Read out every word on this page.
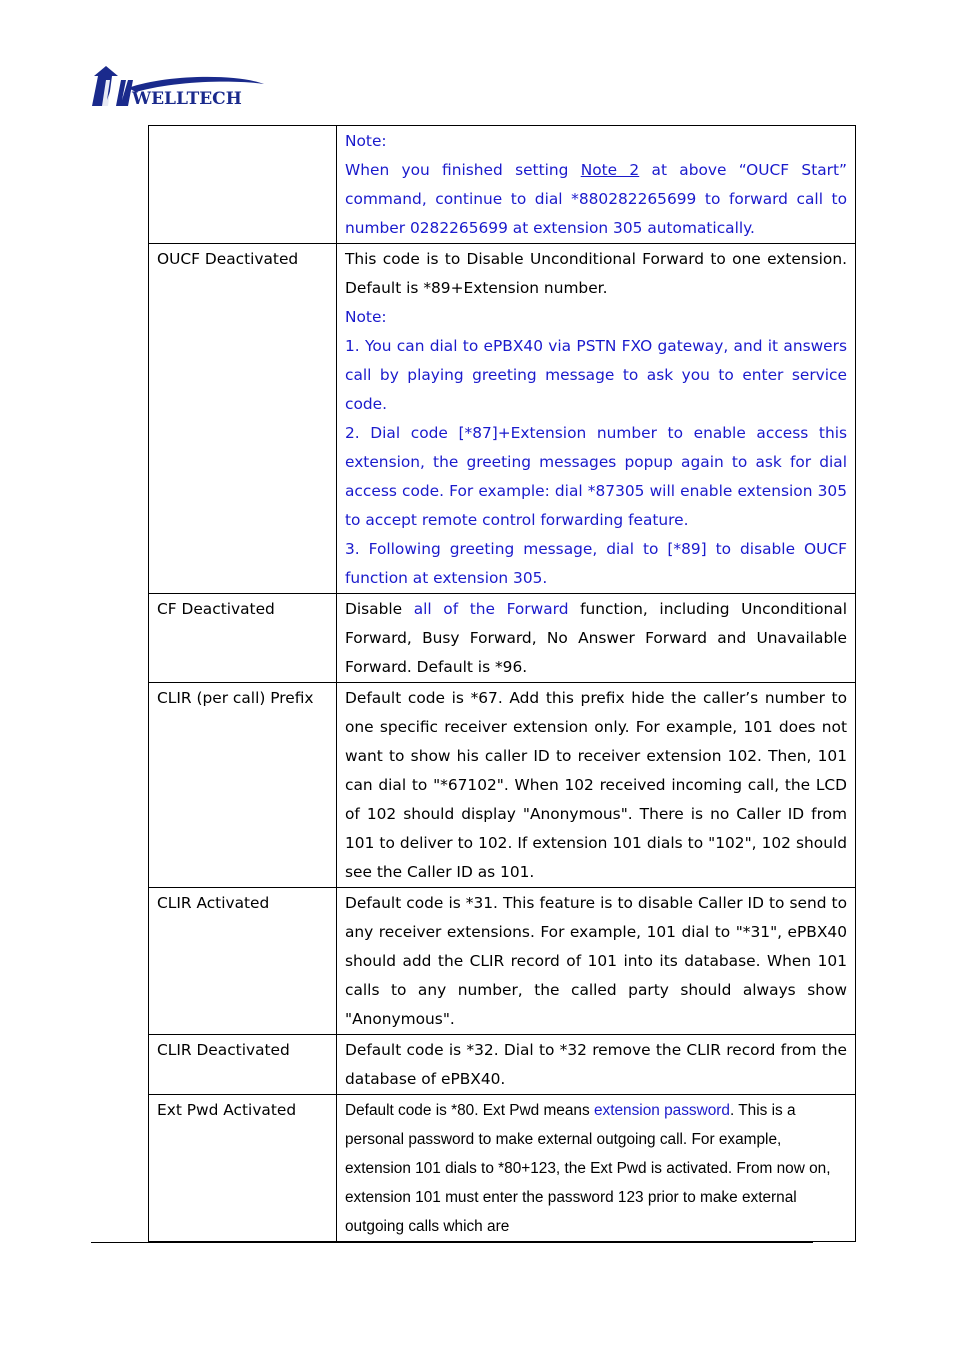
WELLTECH

	Note:
When you finished setting Note 2 at above “OUCF Start” command, continue to dial *880282265699 to forward call to number 0282265699 at extension 305 automatically.

OUCF Deactivated	This code is to Disable Unconditional Forward to one extension. Default is *89+Extension number.
Note:
1. You can dial to ePBX40 via PSTN FXO gateway, and it answers call by playing greeting message to ask you to enter service code.
2. Dial code [*87]+Extension number to enable access this extension, the greeting messages popup again to ask for dial access code. For example: dial *87305 will enable extension 305 to accept remote control forwarding feature.
3. Following greeting message, dial to [*89] to disable OUCF function at extension 305.

CF Deactivated	Disable all of the Forward function, including Unconditional Forward, Busy Forward, No Answer Forward and Unavailable Forward. Default is *96.

CLIR (per call) Prefix	Default code is *67. Add this prefix hide the caller’s number to one specific receiver extension only. For example, 101 does not want to show his caller ID to receiver extension 102. Then, 101 can dial to "*67102". When 102 received incoming call, the LCD of 102 should display "Anonymous". There is no Caller ID from 101 to deliver to 102. If extension 101 dials to "102", 102 should see the Caller ID as 101.

CLIR Activated	Default code is *31. This feature is to disable Caller ID to send to any receiver extensions. For example, 101 dial to "*31", ePBX40 should add the CLIR record of 101 into its database. When 101 calls to any number, the called party should always show "Anonymous".

CLIR Deactivated	Default code is *32. Dial to *32 remove the CLIR record from the database of ePBX40.

Ext Pwd Activated	Default code is *80. Ext Pwd means extension password. This is a personal password to make external outgoing call. For example, extension 101 dials to *80+123, the Ext Pwd is activated. From now on, extension 101 must enter the password 123 prior to make external outgoing calls which are
